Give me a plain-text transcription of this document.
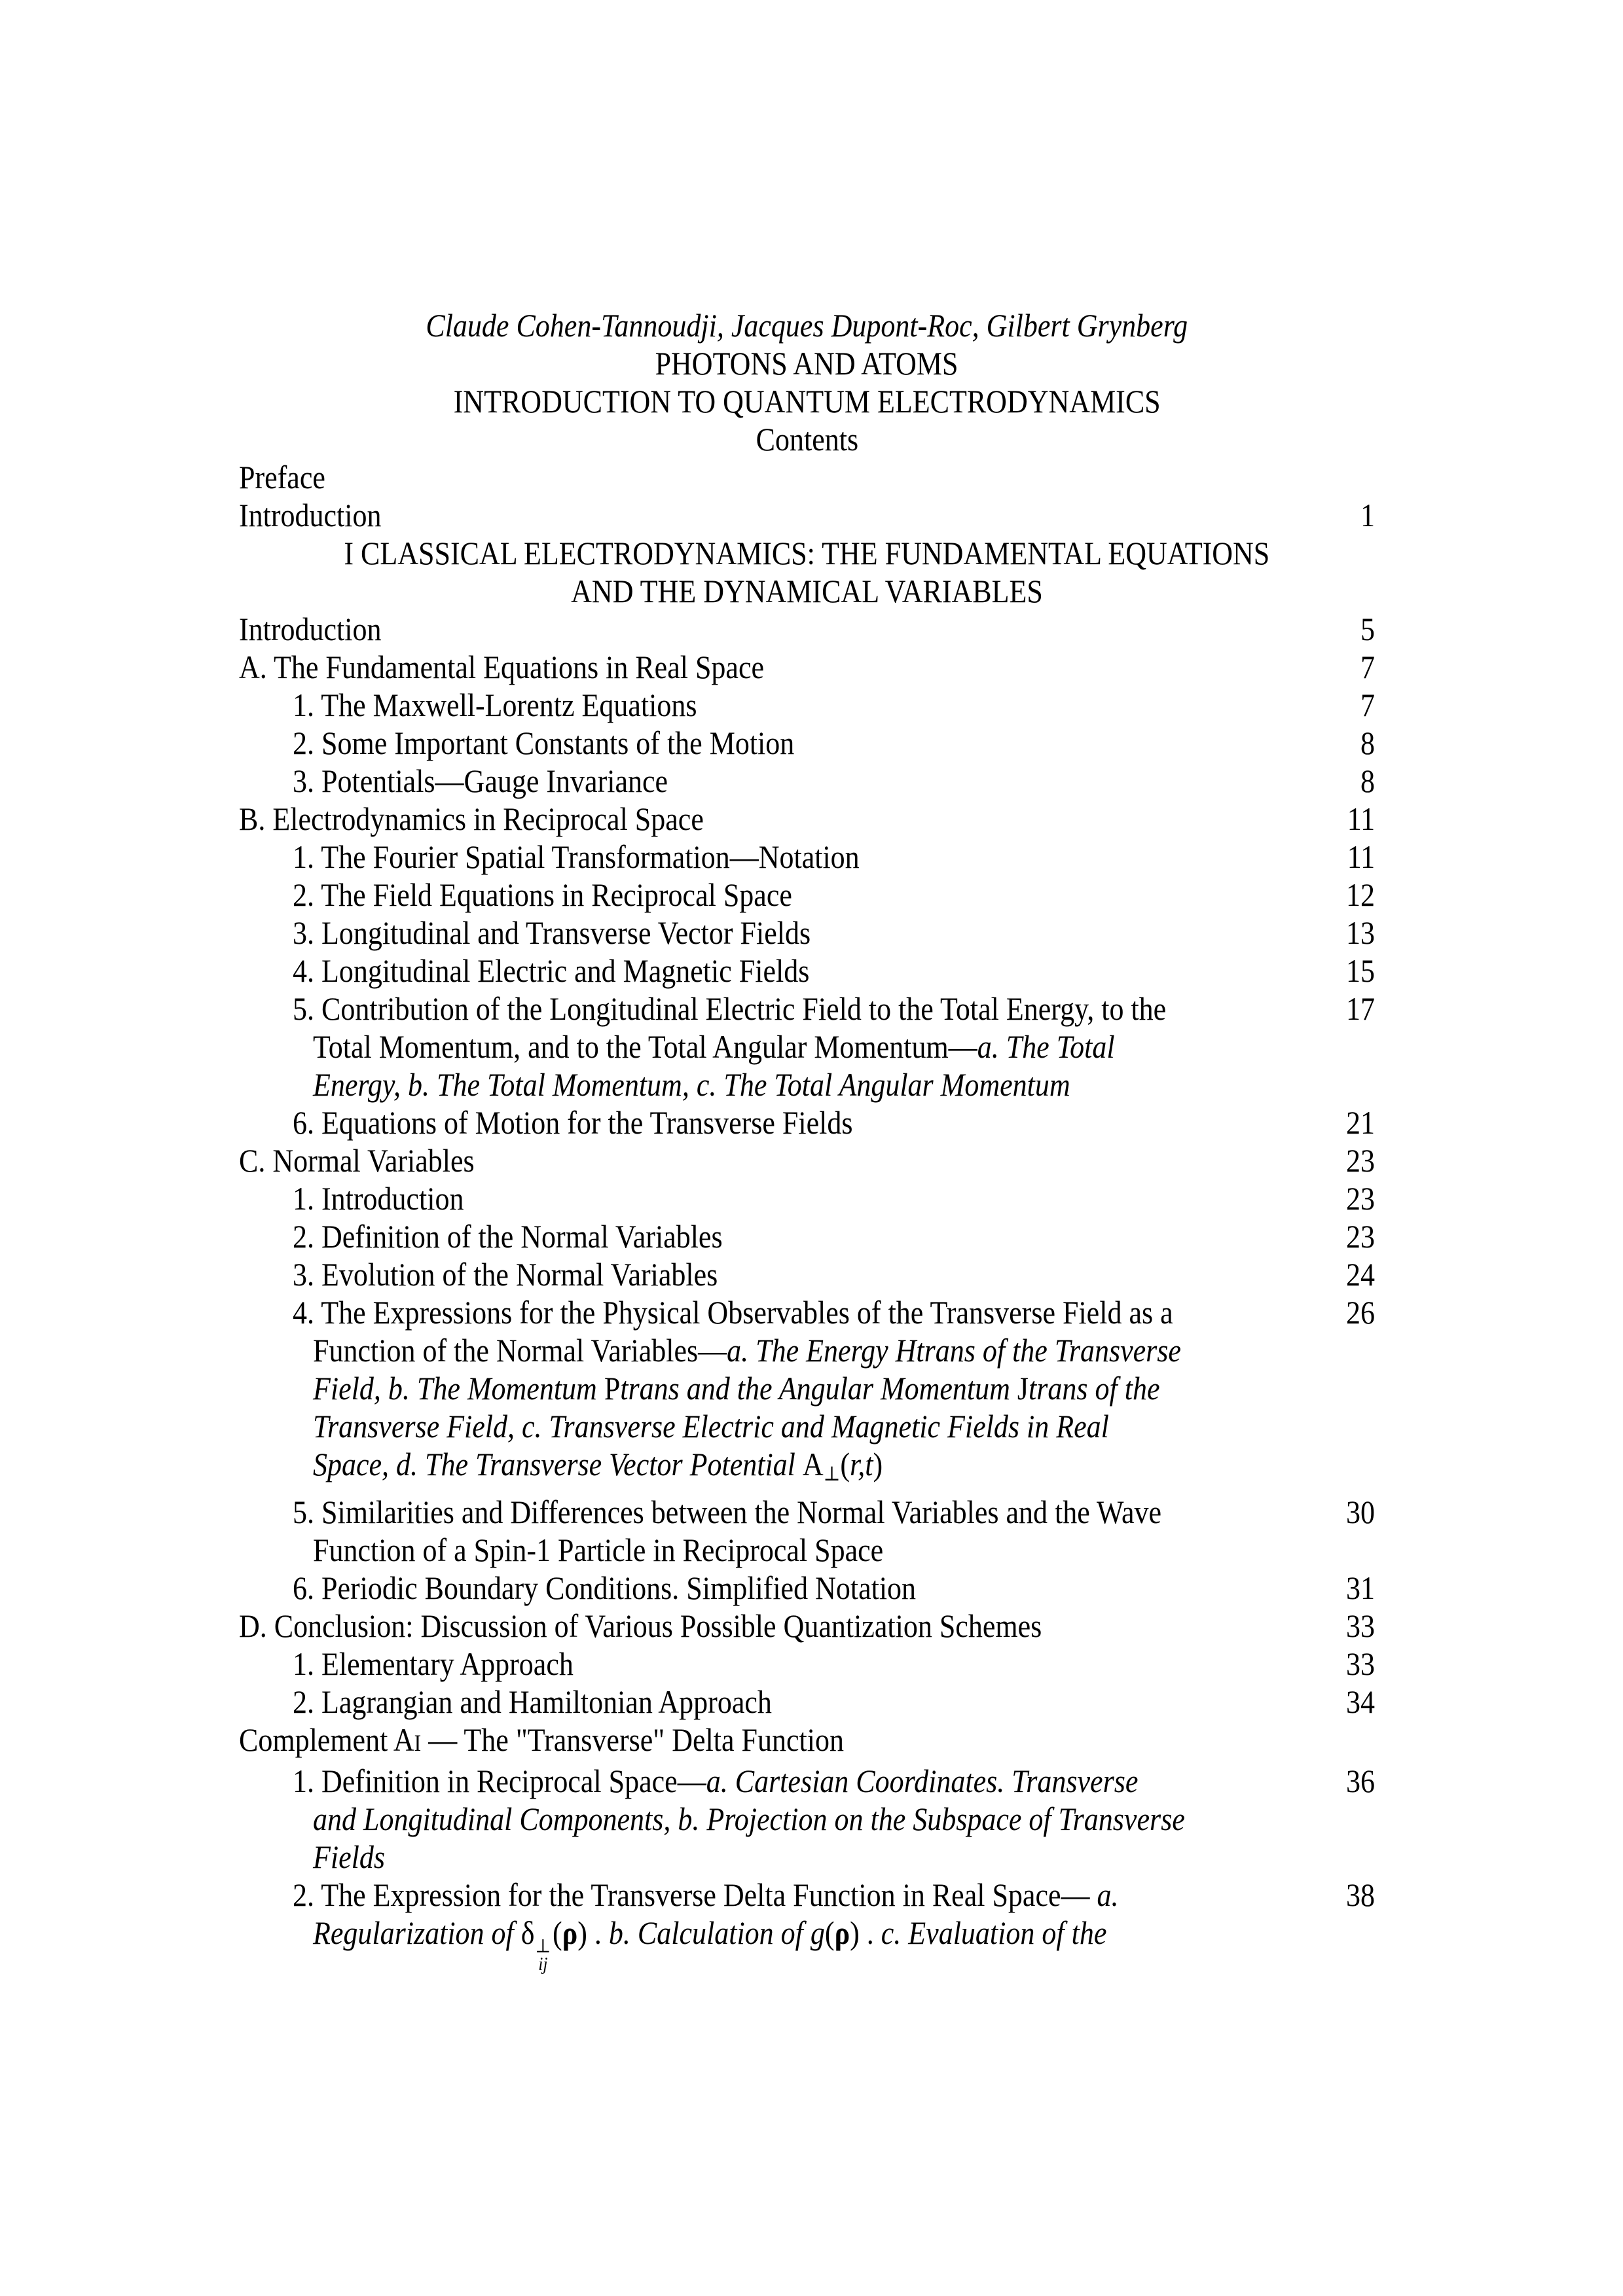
Claude Cohen-Tannoudji, Jacques Dupont-Roc, Gilbert Grynberg
PHOTONS AND ATOMS
INTRODUCTION TO QUANTUM ELECTRODYNAMICS
Contents
Preface
Introduction	1
I CLASSICAL ELECTRODYNAMICS: THE FUNDAMENTAL EQUATIONS
AND THE DYNAMICAL VARIABLES
Introduction	5
A. The Fundamental Equations in Real Space	7
1. The Maxwell-Lorentz Equations	7
2. Some Important Constants of the Motion	8
3. Potentials—Gauge Invariance	8
B. Electrodynamics in Reciprocal Space	11
1. The Fourier Spatial Transformation—Notation	11
2. The Field Equations in Reciprocal Space	12
3. Longitudinal and Transverse Vector Fields	13
4. Longitudinal Electric and Magnetic Fields	15
5. Contribution of the Longitudinal Electric Field to the Total Energy, to the	17
Total Momentum, and to the Total Angular Momentum—a. The Total
Energy, b. The Total Momentum, c. The Total Angular Momentum
6. Equations of Motion for the Transverse Fields	21
C. Normal Variables	23
1. Introduction	23
2. Definition of the Normal Variables	23
3. Evolution of the Normal Variables	24
4. The Expressions for the Physical Observables of the Transverse Field as a	26
Function of the Normal Variables—a. The Energy Htrans of the Transverse
Field, b. The Momentum Ptrans and the Angular Momentum Jtrans of the
Transverse Field, c. Transverse Electric and Magnetic Fields in Real
Space, d. The Transverse Vector Potential $A_\perp(r,t)$
5. Similarities and Differences between the Normal Variables and the Wave	30
Function of a Spin-1 Particle in Reciprocal Space
6. Periodic Boundary Conditions. Simplified Notation	31
D. Conclusion: Discussion of Various Possible Quantization Schemes	33
1. Elementary Approach	33
2. Lagrangian and Hamiltonian Approach	34
Complement AI — The "Transverse" Delta Function
1. Definition in Reciprocal Space—a. Cartesian Coordinates. Transverse	36
and Longitudinal Components, b. Projection on the Subspace of Transverse
Fields
2. The Expression for the Transverse Delta Function in Real Space— a.	38
Regularization of δ ⊥
ij
(ρ) . b. Calculation of g(ρ) . c. Evaluation of the
